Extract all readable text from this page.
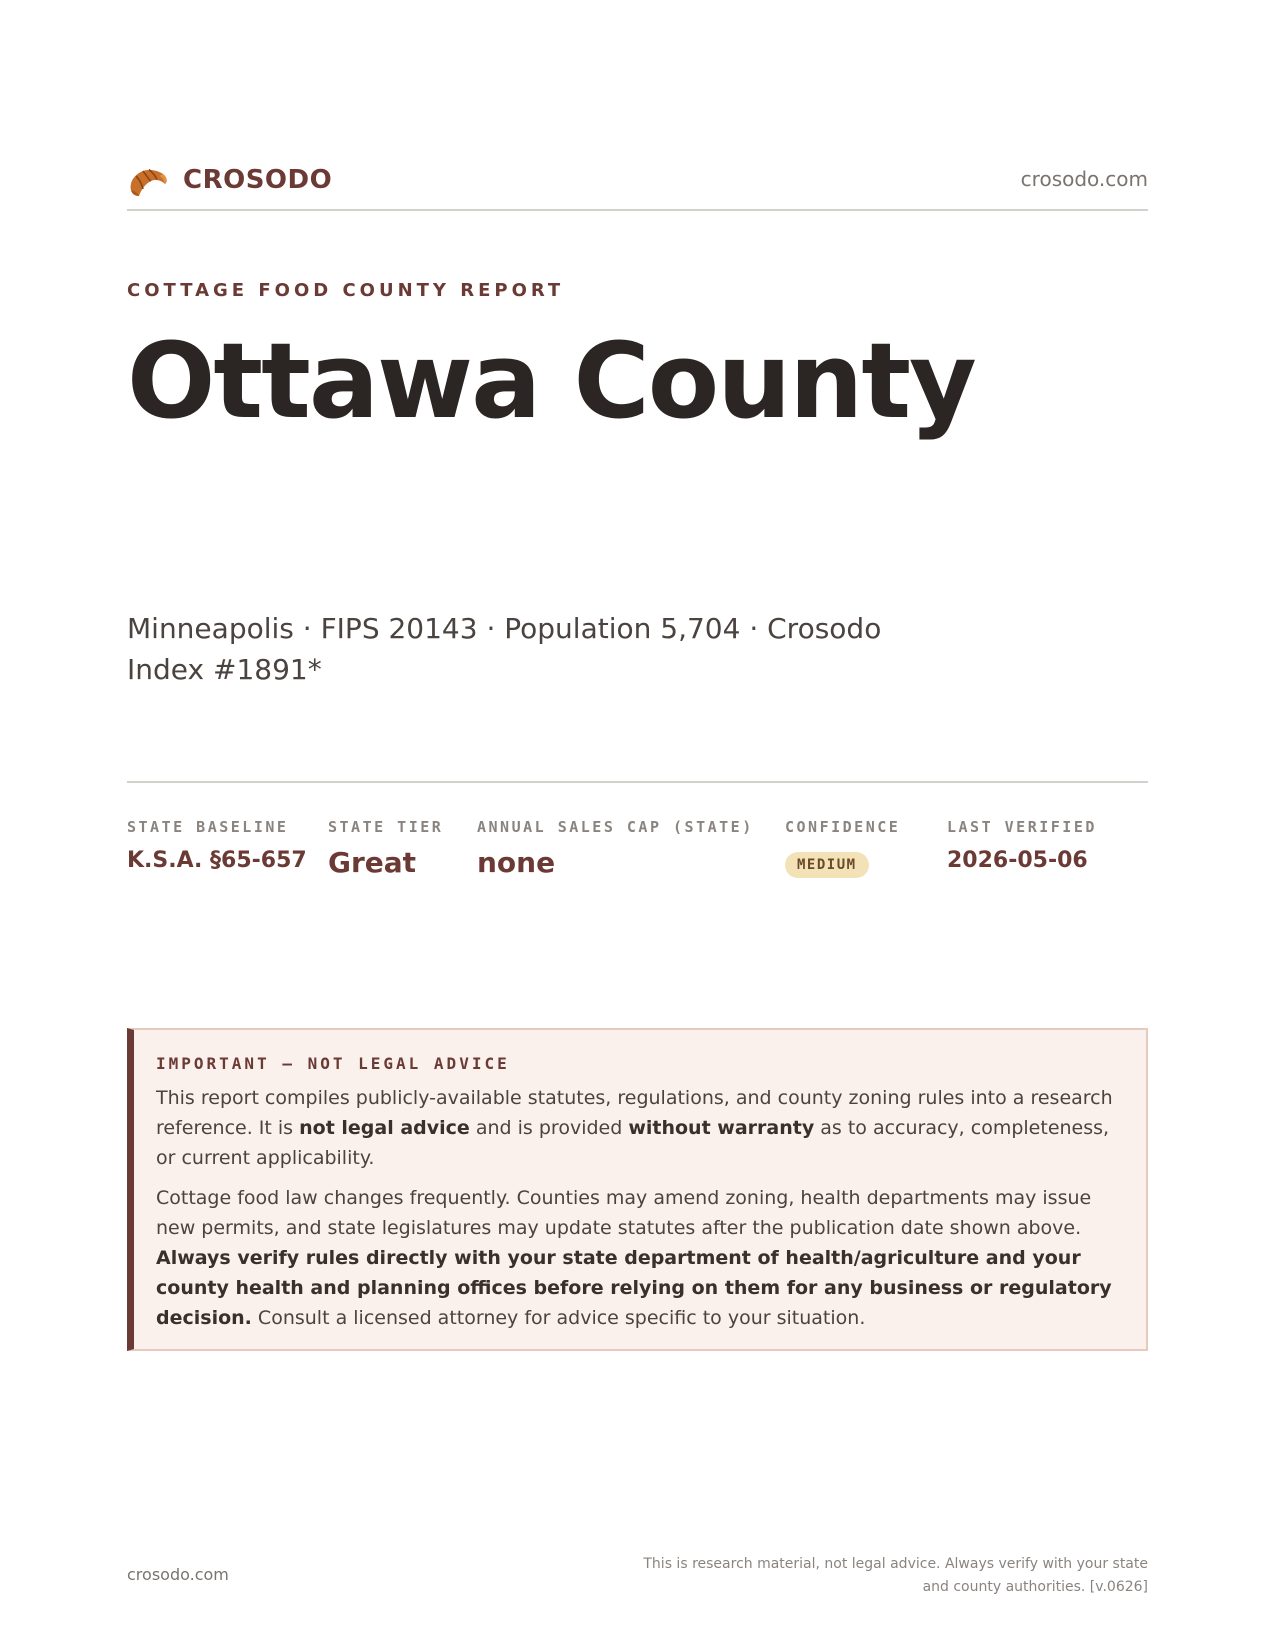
CROSODO	crosodo.com
COTTAGE FOOD COUNTY REPORT
Ottawa County
Minneapolis · FIPS 20143 · Population 5,704 · Crosodo Index #1891*
STATE BASELINE
K.S.A. §65-657
STATE TIER
Great
ANNUAL SALES CAP (STATE)
none
CONFIDENCE
MEDIUM
LAST VERIFIED
2026-05-06
IMPORTANT — NOT LEGAL ADVICE

This report compiles publicly-available statutes, regulations, and county zoning rules into a research reference. It is not legal advice and is provided without warranty as to accuracy, completeness, or current applicability.

Cottage food law changes frequently. Counties may amend zoning, health departments may issue new permits, and state legislatures may update statutes after the publication date shown above. Always verify rules directly with your state department of health/agriculture and your county health and planning offices before relying on them for any business or regulatory decision. Consult a licensed attorney for advice specific to your situation.

crosodo.com
This is research material, not legal advice. Always verify with your state and county authorities. [v.0626]
